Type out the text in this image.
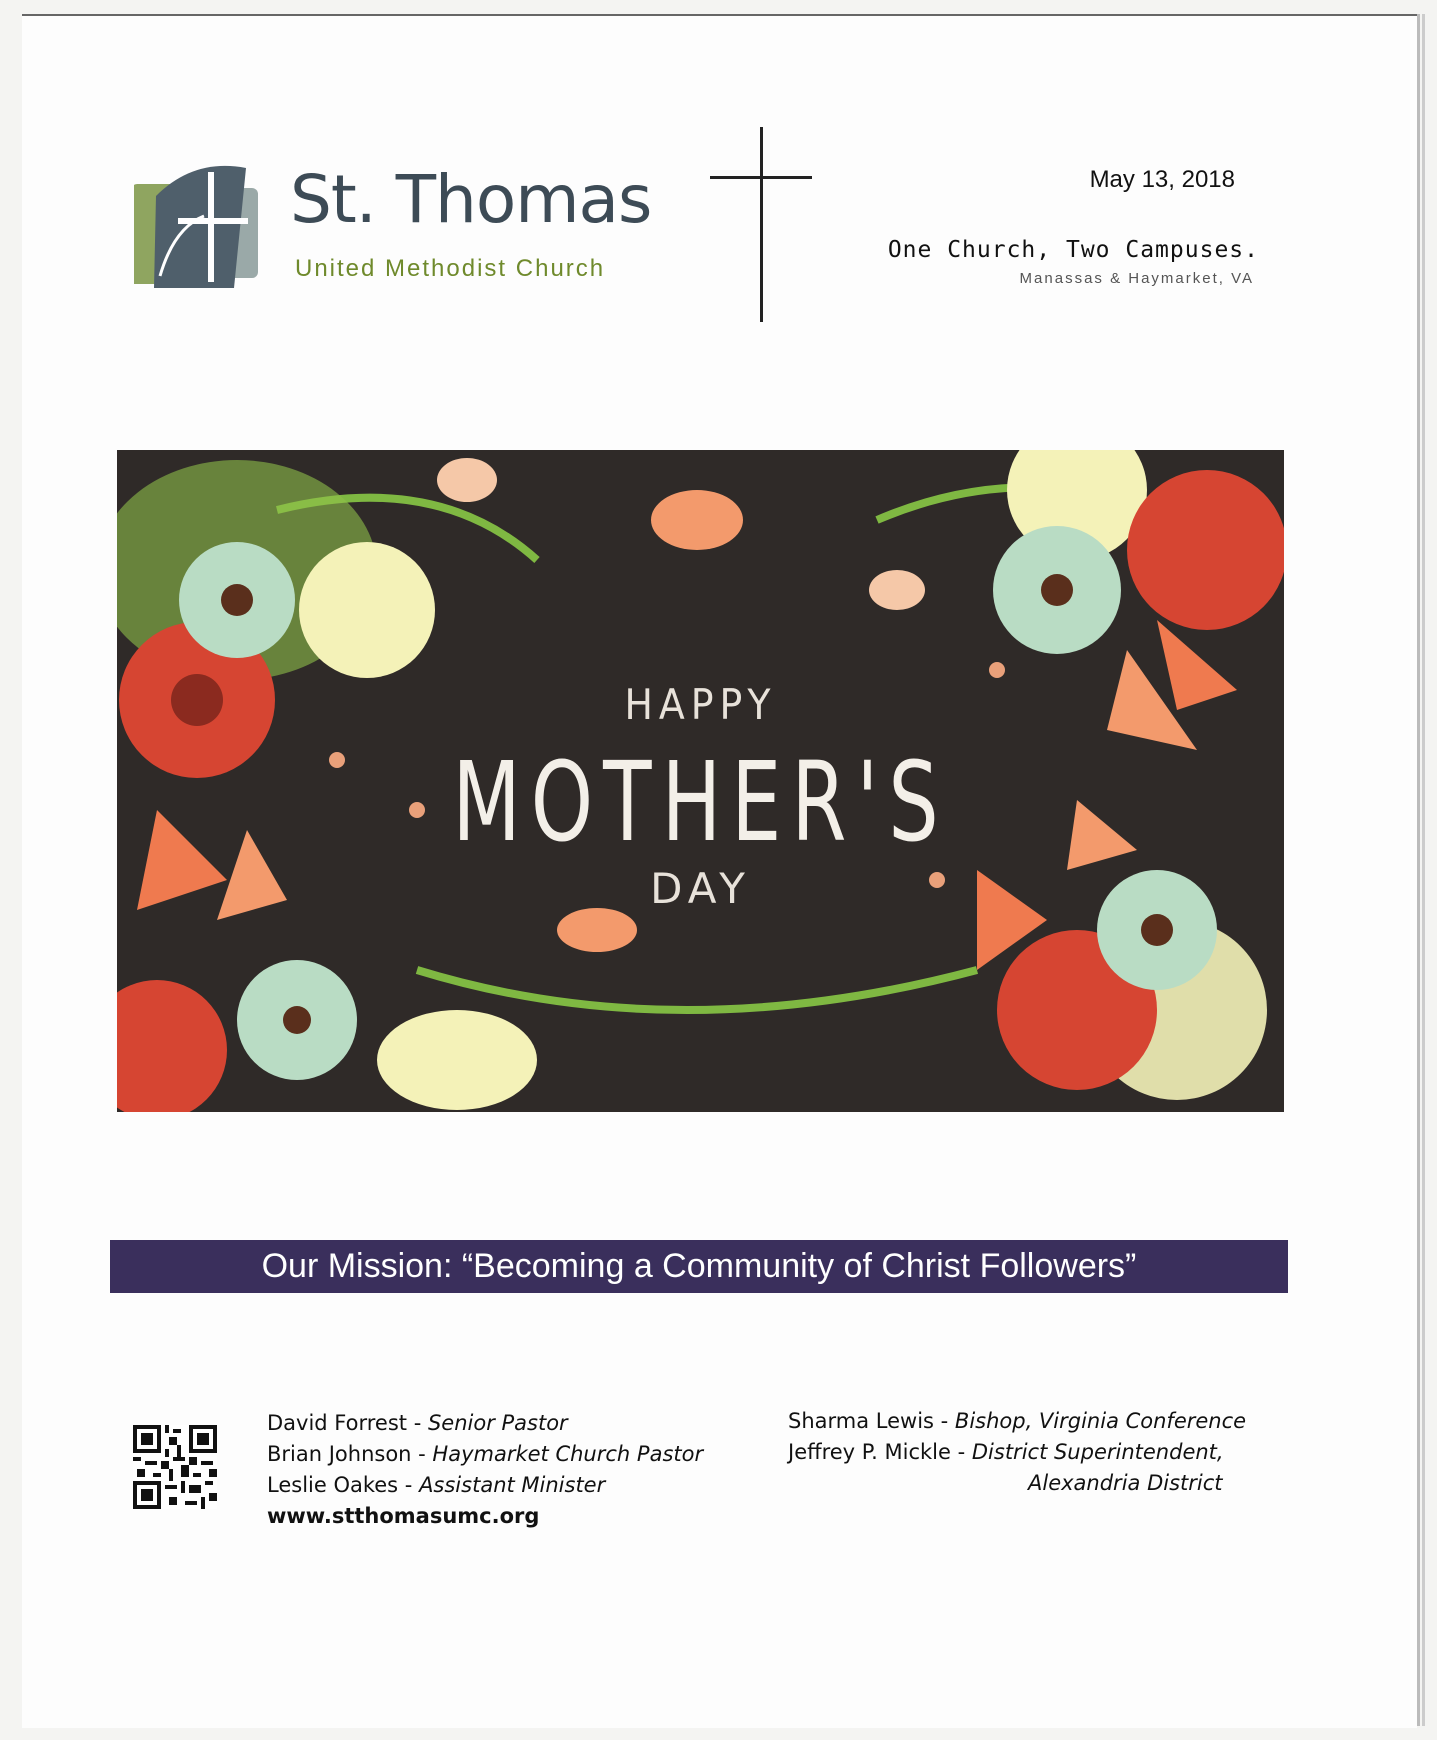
St. Thomas
United Methodist Church
May 13, 2018
One Church, Two Campuses.
Manassas & Haymarket, VA
HAPPY
MOTHER'S
DAY
Our Mission: “Becoming a Community of Christ Followers”
David Forrest - Senior Pastor
Brian Johnson - Haymarket Church Pastor
Leslie Oakes - Assistant Minister
www.stthomasumc.org
Sharma Lewis - Bishop, Virginia Conference
Jeffrey P. Mickle - District Superintendent,
Alexandria District
